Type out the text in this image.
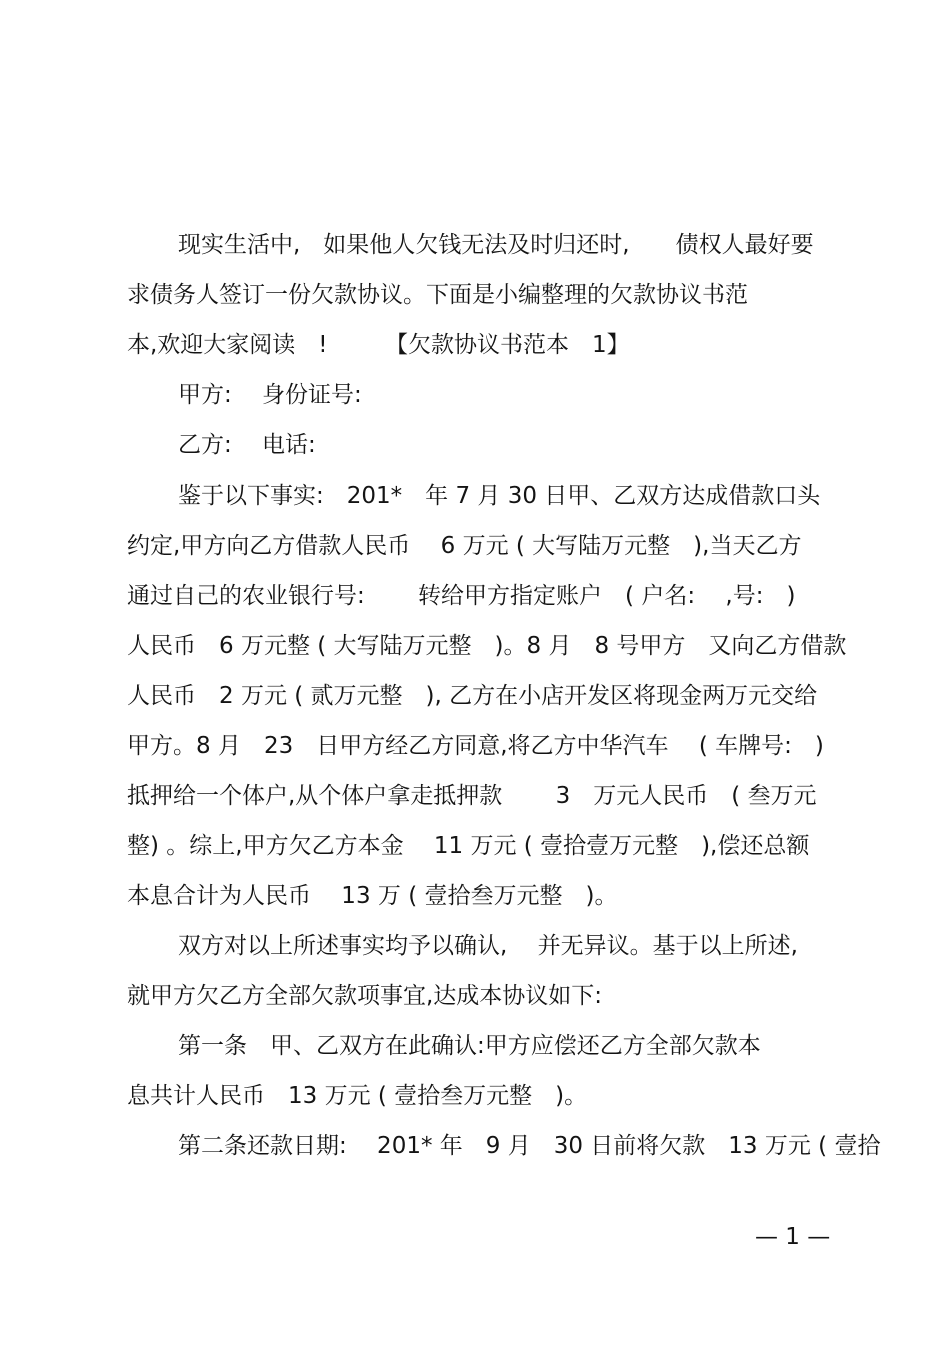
现实生活中,　如果他人欠钱无法及时归还时,　　债权人最好要
求债务人签订一份欠款协议。下面是小编整理的欠款协议书范
本,欢迎大家阅读　!　　　【欠款协议书范本　1】
甲方:　 身份证号:
乙方:　 电话:
鉴于以下事实:　201*　年 7 月 30 日甲、乙双方达成借款口头
约定,甲方向乙方借款人民币　 6 万元 ( 大写陆万元整　),当天乙方
通过自己的农业银行号:　　 转给甲方指定账户　( 户名:　 ,号:　)
人民币　6 万元整 ( 大写陆万元整　)。8 月　8 号甲方　又向乙方借款
人民币　2 万元 ( 贰万元整　), 乙方在小店开发区将现金两万元交给
甲方。8 月　23　日甲方经乙方同意,将乙方中华汽车　 ( 车牌号:　)
抵押给一个体户,从个体户拿走抵押款　　 3　万元人民币　( 叁万元
整) 。综上,甲方欠乙方本金　 11 万元 ( 壹拾壹万元整　),偿还总额
本息合计为人民币　 13 万 ( 壹拾叁万元整　)。
双方对以上所述事实均予以确认,　 并无异议。基于以上所述,
就甲方欠乙方全部欠款项事宜,达成本协议如下:
第一条　甲、乙双方在此确认:甲方应偿还乙方全部欠款本
息共计人民币　13 万元 ( 壹拾叁万元整　)。
第二条还款日期:　 201* 年　9 月　30 日前将欠款　13 万元 ( 壹拾
— 1 —
